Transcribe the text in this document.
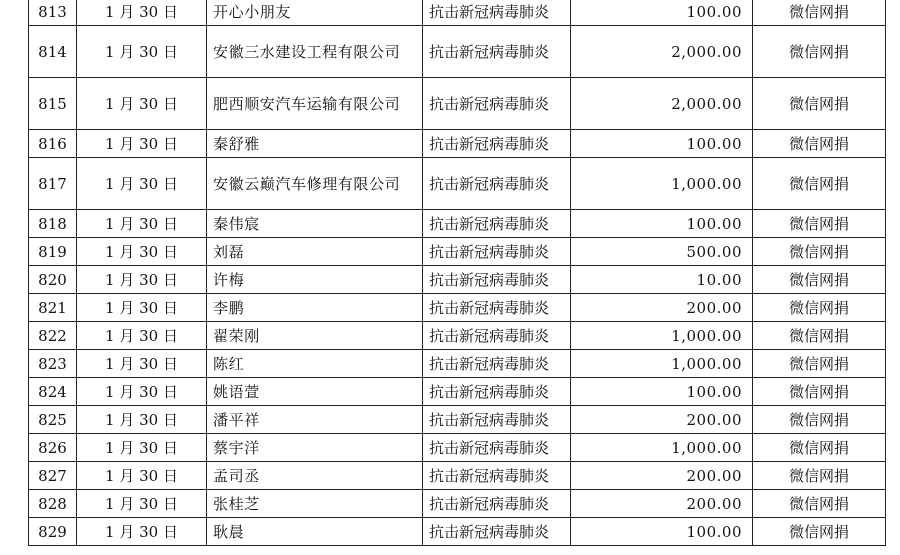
813	1 月 30 日	开心小朋友	抗击新冠病毒肺炎	100.00	微信网捐
814	1 月 30 日	安徽三水建设工程有限公司	抗击新冠病毒肺炎	2,000.00	微信网捐
815	1 月 30 日	肥西顺安汽车运输有限公司	抗击新冠病毒肺炎	2,000.00	微信网捐
816	1 月 30 日	秦舒雅	抗击新冠病毒肺炎	100.00	微信网捐
817	1 月 30 日	安徽云巅汽车修理有限公司	抗击新冠病毒肺炎	1,000.00	微信网捐
818	1 月 30 日	秦伟宸	抗击新冠病毒肺炎	100.00	微信网捐
819	1 月 30 日	刘磊	抗击新冠病毒肺炎	500.00	微信网捐
820	1 月 30 日	许梅	抗击新冠病毒肺炎	10.00	微信网捐
821	1 月 30 日	李鹏	抗击新冠病毒肺炎	200.00	微信网捐
822	1 月 30 日	翟荣刚	抗击新冠病毒肺炎	1,000.00	微信网捐
823	1 月 30 日	陈红	抗击新冠病毒肺炎	1,000.00	微信网捐
824	1 月 30 日	姚语萱	抗击新冠病毒肺炎	100.00	微信网捐
825	1 月 30 日	潘平祥	抗击新冠病毒肺炎	200.00	微信网捐
826	1 月 30 日	蔡宇洋	抗击新冠病毒肺炎	1,000.00	微信网捐
827	1 月 30 日	孟司丞	抗击新冠病毒肺炎	200.00	微信网捐
828	1 月 30 日	张桂芝	抗击新冠病毒肺炎	200.00	微信网捐
829	1 月 30 日	耿晨	抗击新冠病毒肺炎	100.00	微信网捐
